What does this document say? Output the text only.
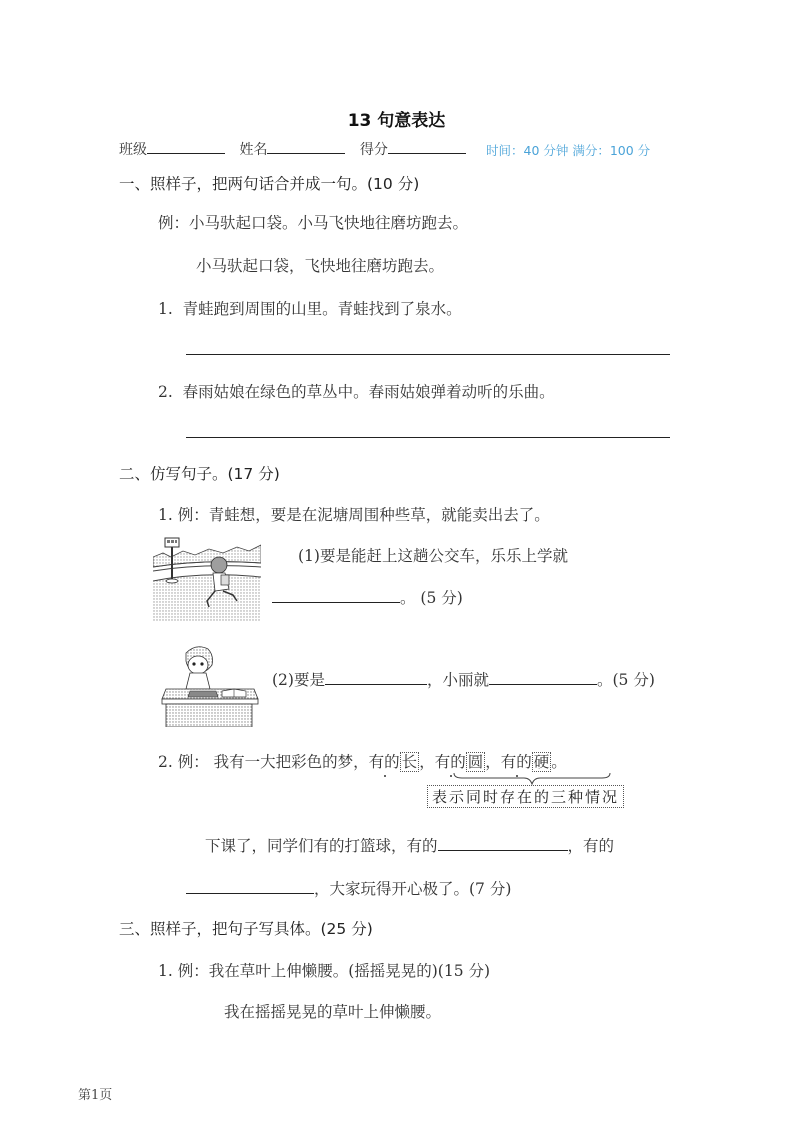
13 句意表达
班级	姓名	得分	时间：40 分钟 满分：100 分
一、照样子，把两句话合并成一句。(10 分)
例：小马驮起口袋。小马飞快地往磨坊跑去。
小马驮起口袋，飞快地往磨坊跑去。
1. 青蛙跑到周围的山里。青蛙找到了泉水。
2. 春雨姑娘在绿色的草丛中。春雨姑娘弹着动听的乐曲。
二、仿写句子。(17 分)
1. 例：青蛙想，要是在泥塘周围种些草，就能卖出去了。
(1)要是能赶上这趟公交车，乐乐上学就
。 (5 分)
(2)要是	，小丽就	。(5 分)
2. 例： 我有一大把彩色的梦，有的 长 ，有的 圆 ，有的 硬 。
表示同时存在的三种情况
下课了，同学们有的打篮球，有的	，有的
，大家玩得开心极了。(7 分)
三、照样子，把句子写具体。(25 分)
1. 例：我在草叶上伸懒腰。(摇摇晃晃的)(15 分)
我在摇摇晃晃的草叶上伸懒腰。
第1页
